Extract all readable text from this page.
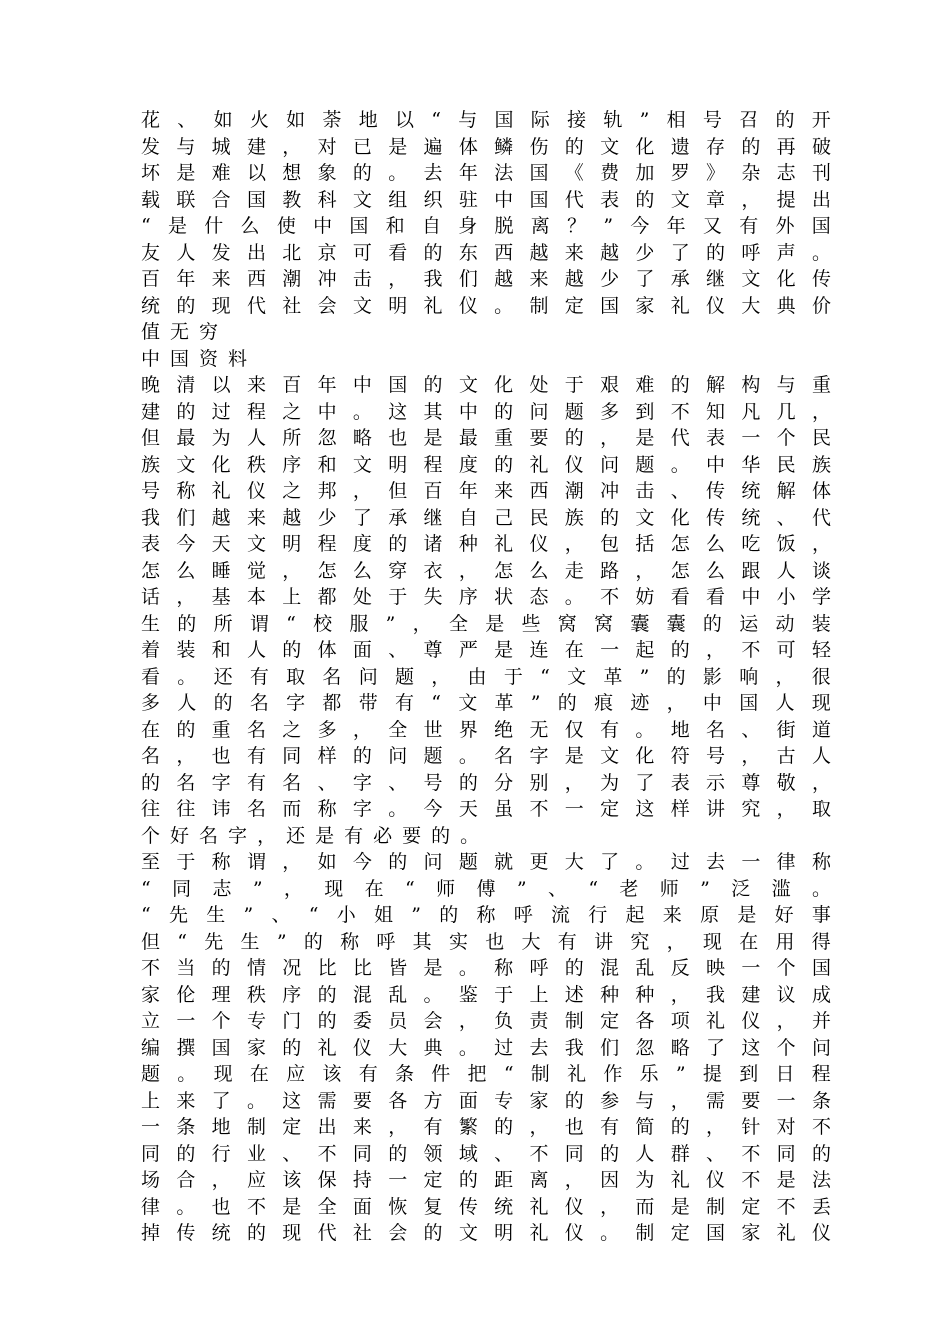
花 、 如 火 如 荼 地 以 “ 与 国 际 接 轨 ” 相 号 召 的 开
发 与 城 建 ， 对 已 是 遍 体 鳞 伤 的 文 化 遗 存 的 再 破
坏 是 难 以 想 象 的 。 去 年 法 国 《 费 加 罗 》 杂 志 刊
载 联 合 国 教 科 文 组 织 驻 中 国 代 表 的 文 章 ， 提 出
“ 是 什 么 使 中 国 和 自 身 脱 离 ？ ” 今 年 又 有 外 国
友 人 发 出 北 京 可 看 的 东 西 越 来 越 少 了 的 呼 声 。
百 年 来 西 潮 冲 击 ， 我 们 越 来 越 少 了 承 继 文 化 传
统 的 现 代 社 会 文 明 礼 仪 。 制 定 国 家 礼 仪 大 典 价
值 无 穷
中 国 资 料
晚 清 以 来 百 年 中 国 的 文 化 处 于 艰 难 的 解 构 与 重
建 的 过 程 之 中 。 这 其 中 的 问 题 多 到 不 知 凡 几 ，
但 最 为 人 所 忽 略 也 是 最 重 要 的 ， 是 代 表 一 个 民
族 文 化 秩 序 和 文 明 程 度 的 礼 仪 问 题 。 中 华 民 族
号 称 礼 仪 之 邦 ， 但 百 年 来 西 潮 冲 击 、 传 统 解 体
我 们 越 来 越 少 了 承 继 自 己 民 族 的 文 化 传 统 、 代
表 今 天 文 明 程 度 的 诸 种 礼 仪 ， 包 括 怎 么 吃 饭 ，
怎 么 睡 觉 ， 怎 么 穿 衣 ， 怎 么 走 路 ， 怎 么 跟 人 谈
话 ， 基 本 上 都 处 于 失 序 状 态 。 不 妨 看 看 中 小 学
生 的 所 谓 “ 校 服 ” ， 全 是 些 窝 窝 囊 囊 的 运 动 装
着 装 和 人 的 体 面 、 尊 严 是 连 在 一 起 的 ， 不 可 轻
看 。 还 有 取 名 问 题 ， 由 于 “ 文 革 ” 的 影 响 ， 很
多 人 的 名 字 都 带 有 “ 文 革 ” 的 痕 迹 ， 中 国 人 现
在 的 重 名 之 多 ， 全 世 界 绝 无 仅 有 。 地 名 、 街 道
名 ， 也 有 同 样 的 问 题 。 名 字 是 文 化 符 号 ， 古 人
的 名 字 有 名 、 字 、 号 的 分 别 ， 为 了 表 示 尊 敬 ，
往 往 讳 名 而 称 字 。 今 天 虽 不 一 定 这 样 讲 究 ， 取
个 好 名 字 ， 还 是 有 必 要 的 。
至 于 称 谓 ， 如 今 的 问 题 就 更 大 了 。 过 去 一 律 称
“ 同 志 ” ， 现 在 “ 师 傅 ” 、 “ 老 师 ” 泛 滥 。
“ 先 生 ” 、 “ 小 姐 ” 的 称 呼 流 行 起 来 原 是 好 事
但 “ 先 生 ” 的 称 呼 其 实 也 大 有 讲 究 ， 现 在 用 得
不 当 的 情 况 比 比 皆 是 。 称 呼 的 混 乱 反 映 一 个 国
家 伦 理 秩 序 的 混 乱 。 鉴 于 上 述 种 种 ， 我 建 议 成
立 一 个 专 门 的 委 员 会 ， 负 责 制 定 各 项 礼 仪 ， 并
编 撰 国 家 的 礼 仪 大 典 。 过 去 我 们 忽 略 了 这 个 问
题 。 现 在 应 该 有 条 件 把 “ 制 礼 作 乐 ” 提 到 日 程
上 来 了 。 这 需 要 各 方 面 专 家 的 参 与 ， 需 要 一 条
一 条 地 制 定 出 来 ， 有 繁 的 ， 也 有 简 的 ， 针 对 不
同 的 行 业 、 不 同 的 领 域 、 不 同 的 人 群 、 不 同 的
场 合 ， 应 该 保 持 一 定 的 距 离 ， 因 为 礼 仪 不 是 法
律 。 也 不 是 全 面 恢 复 传 统 礼 仪 ， 而 是 制 定 不 丢
掉 传 统 的 现 代 社 会 的 文 明 礼 仪 。 制 定 国 家 礼 仪
